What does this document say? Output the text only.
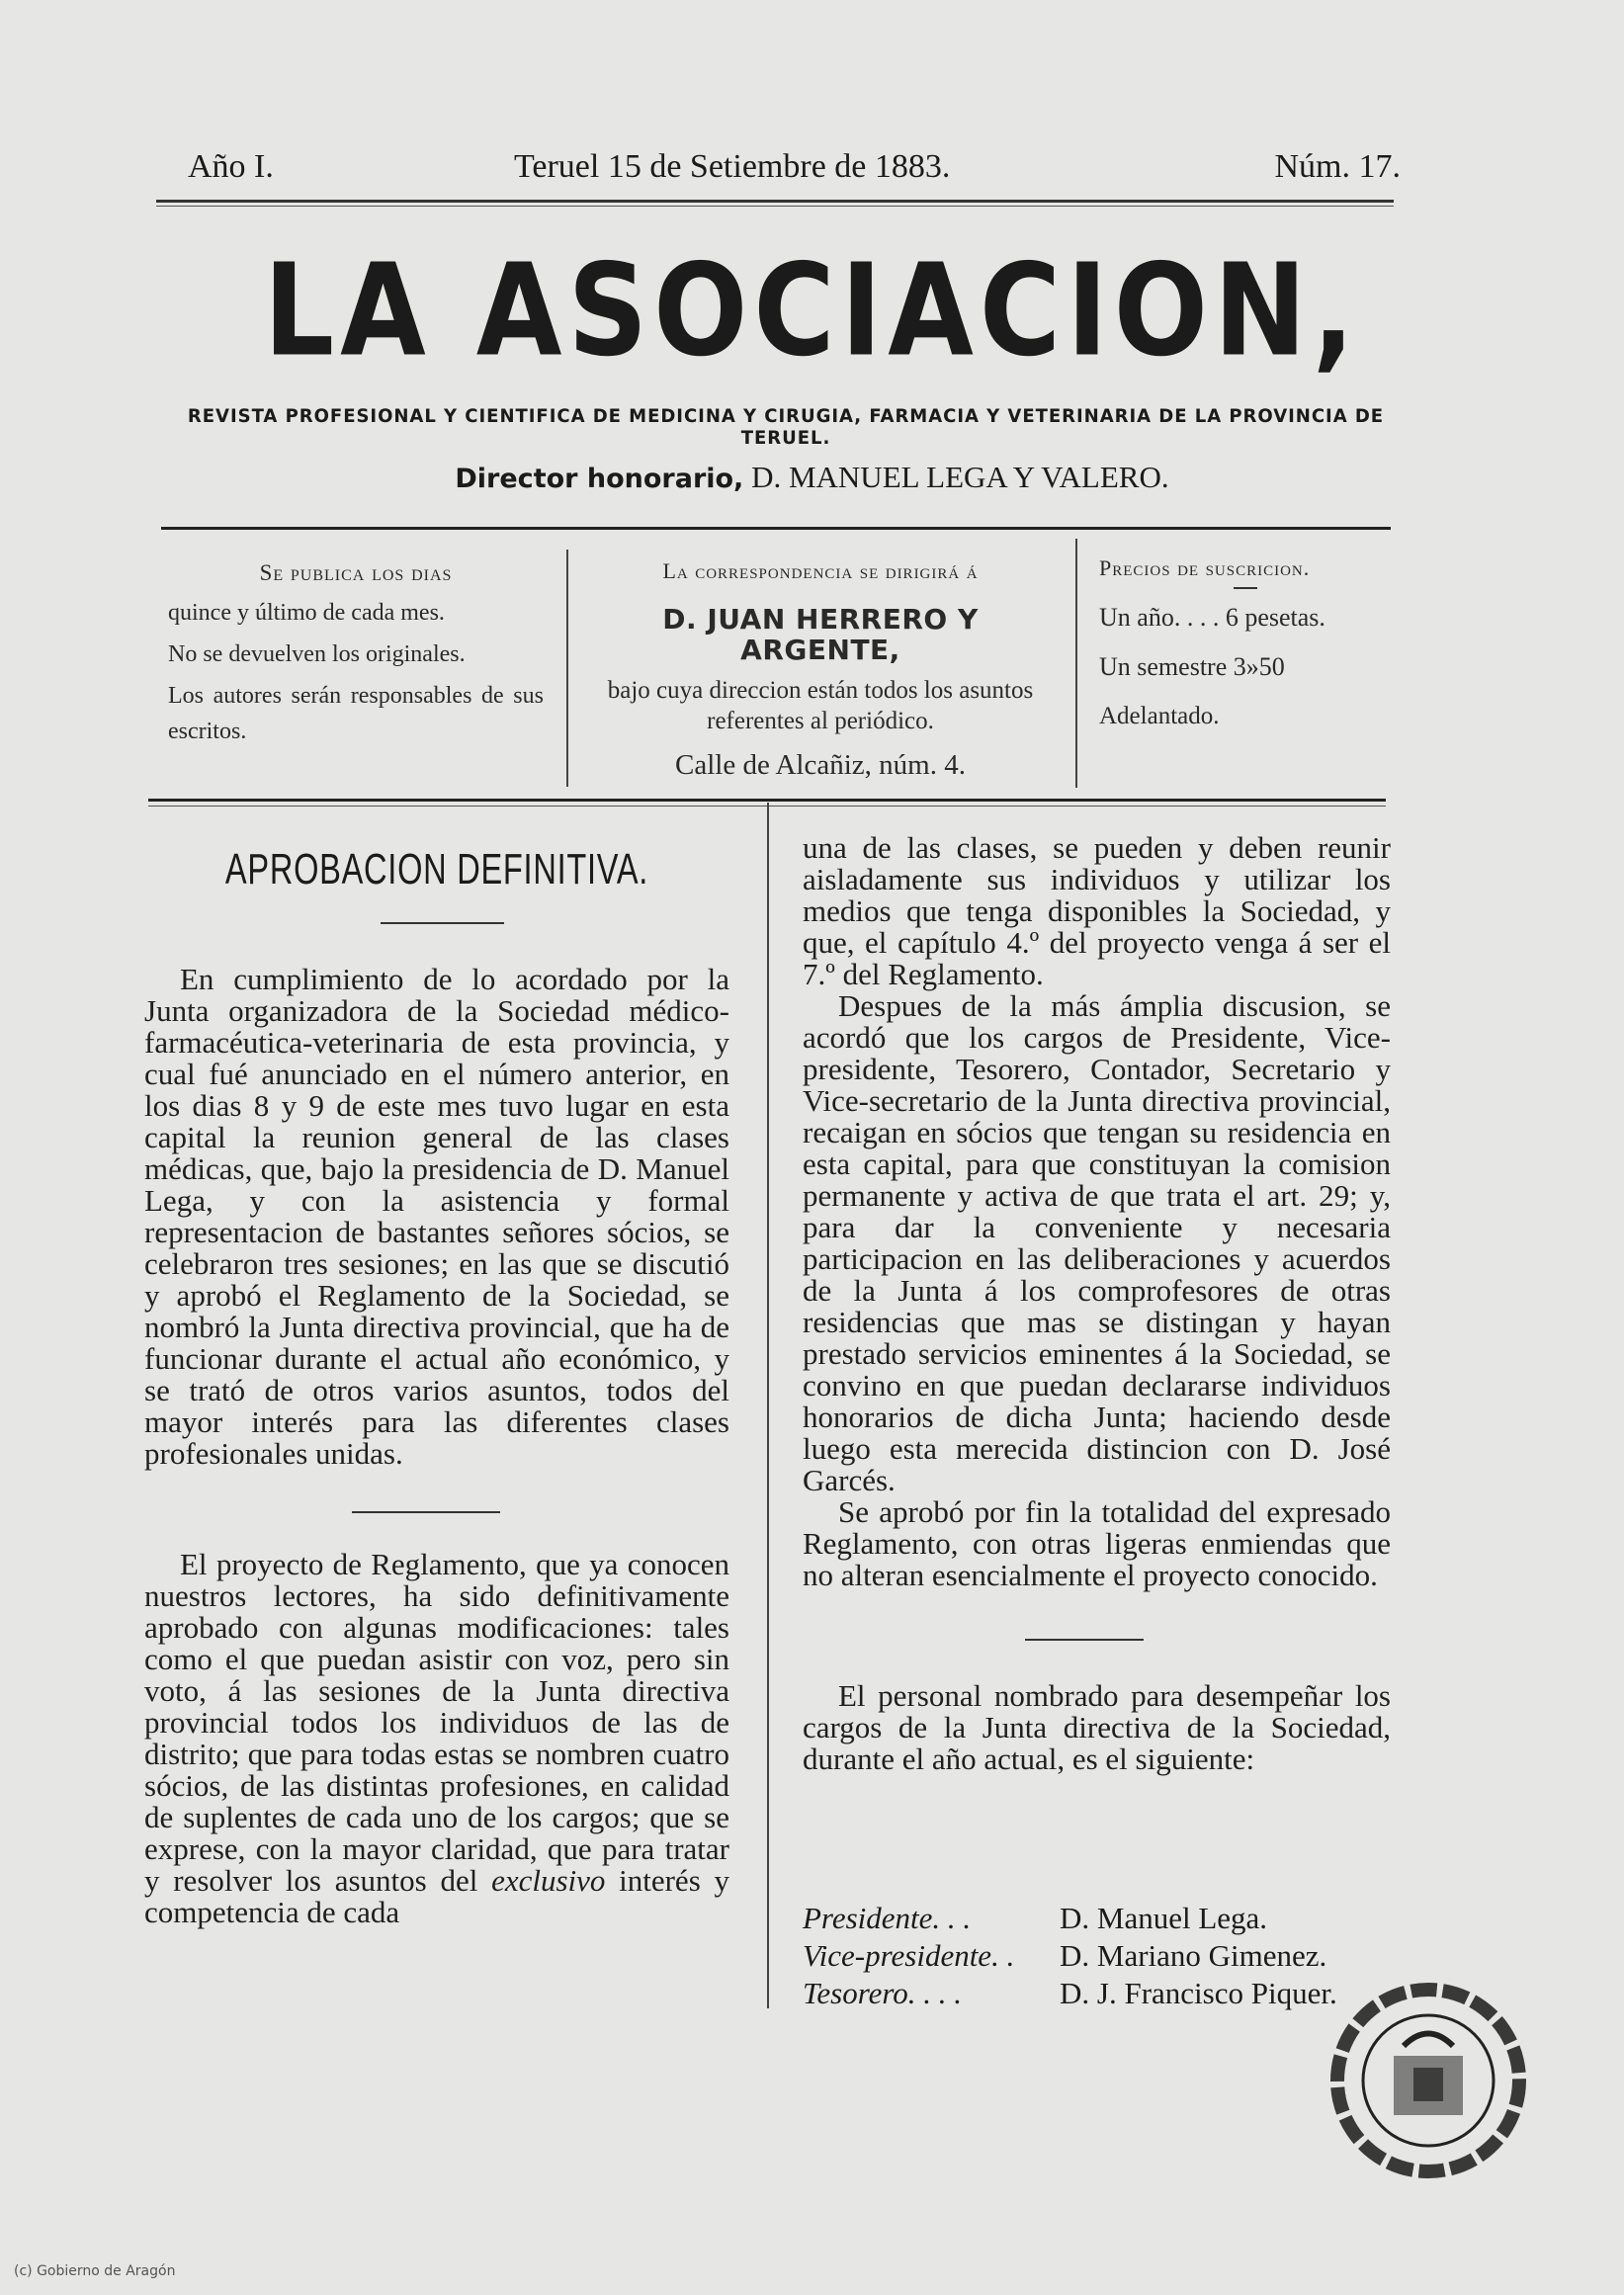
Año I.	Teruel 15 de Setiembre de 1883.	Núm. 17.
LA ASOCIACION,
REVISTA PROFESIONAL Y CIENTIFICA DE MEDICINA Y CIRUGIA, FARMACIA Y VETERINARIA DE LA PROVINCIA DE TERUEL.
Director honorario, D. MANUEL LEGA Y VALERO.
Se publica los dias
quince y último de cada mes.
No se devuelven los originales.
Los autores serán responsables de sus escritos.
La correspondencia se dirigirá á
D. JUAN HERRERO Y ARGENTE,
bajo cuya direccion están todos los asuntos referentes al periódico.
Calle de Alcañiz, núm. 4.
Precios de suscricion.
Un año. . . . 6 pesetas.
Un semestre 3»50
Adelantado.
APROBACION DEFINITIVA.

En cumplimiento de lo acordado por la Junta organizadora de la Sociedad médico-farmacéutica-veterinaria de esta provincia, y cual fué anunciado en el número anterior, en los dias 8 y 9 de este mes tuvo lugar en esta capital la reunion general de las clases médicas, que, bajo la presidencia de D. Manuel Lega, y con la asistencia y formal representacion de bastantes señores sócios, se celebraron tres sesiones; en las que se discutió y aprobó el Reglamento de la Sociedad, se nombró la Junta directiva provincial, que ha de funcionar durante el actual año económico, y se trató de otros varios asuntos, todos del mayor interés para las diferentes clases profesionales unidas.

El proyecto de Reglamento, que ya conocen nuestros lectores, ha sido definitivamente aprobado con algunas modificaciones: tales como el que puedan asistir con voz, pero sin voto, á las sesiones de la Junta directiva provincial todos los individuos de las de distrito; que para todas estas se nombren cuatro sócios, de las distintas profesiones, en calidad de suplentes de cada uno de los cargos; que se exprese, con la mayor claridad, que para tratar y resolver los asuntos del exclusivo interés y competencia de cada

una de las clases, se pueden y deben reunir aisladamente sus individuos y utilizar los medios que tenga disponibles la Sociedad, y que, el capítulo 4.º del proyecto venga á ser el 7.º del Reglamento.

Despues de la más ámplia discusion, se acordó que los cargos de Presidente, Vice-presidente, Tesorero, Contador, Secretario y Vice-secretario de la Junta directiva provincial, recaigan en sócios que tengan su residencia en esta capital, para que constituyan la comision permanente y activa de que trata el art. 29; y, para dar la conveniente y necesaria participacion en las deliberaciones y acuerdos de la Junta á los comprofesores de otras residencias que mas se distingan y hayan prestado servicios eminentes á la Sociedad, se convino en que puedan declararse individuos honorarios de dicha Junta; haciendo desde luego esta merecida distincion con D. José Garcés.

Se aprobó por fin la totalidad del expresado Reglamento, con otras ligeras enmiendas que no alteran esencialmente el proyecto conocido.

El personal nombrado para desempeñar los cargos de la Junta directiva de la Sociedad, durante el año actual, es el siguiente:

Presidente. . .	D. Manuel Lega.
Vice-presidente. . D. Mariano Gimenez.
Tesorero. . . .	D. J. Francisco Piquer.
(c) Gobierno de Aragón
